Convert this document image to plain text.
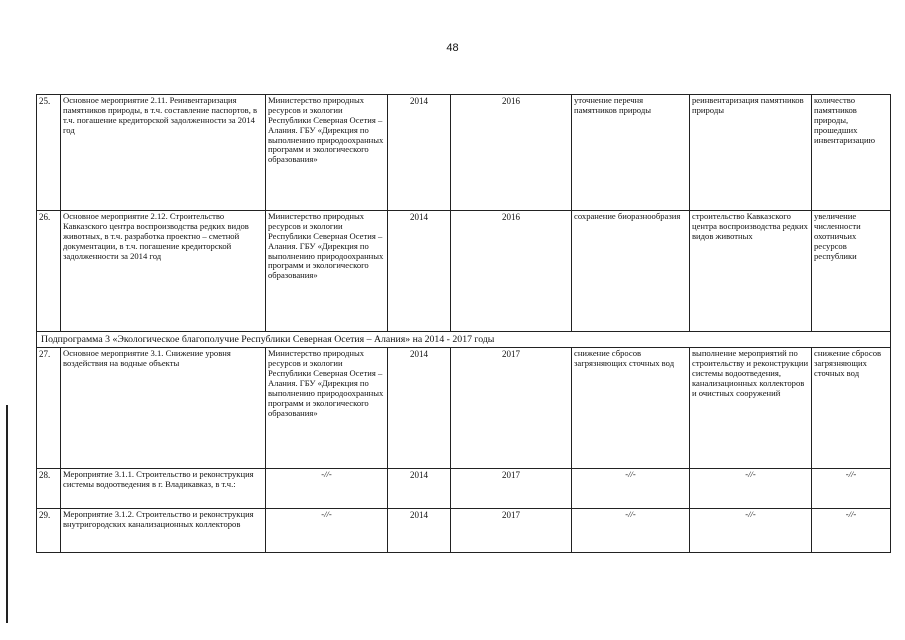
48
25.	Основное мероприятие 2.11. Реинвентаризация памятников природы, в т.ч. составление паспортов, в т.ч. погашение кредиторской задолженности за 2014 год	Министерство природных ресурсов и экологии Республики Северная Осетия – Алания. ГБУ «Дирекция по выполнению природоохранных программ и экологического образования»	2014	2016	уточнение перечня памятников природы	реинвентаризация памятников природы	количество памятников природы, прошедших инвентаризацию
26.	Основное мероприятие 2.12. Строительство Кавказского центра воспроизводства редких видов животных, в т.ч. разработка проектно – сметной документации, в т.ч. погашение кредиторской задолженности за 2014 год	Министерство природных ресурсов и экологии Республики Северная Осетия – Алания. ГБУ «Дирекция по выполнению природоохранных программ и экологического образования»	2014	2016	сохранение биоразнообразия	строительство Кавказского центра воспроизводства редких видов животных	увеличение численности охотничьих ресурсов республики
Подпрограмма 3 «Экологическое благополучие Республики Северная Осетия – Алания» на 2014 - 2017 годы							
27.	Основное мероприятие 3.1. Снижение уровня воздействия на водные объекты	Министерство природных ресурсов и экологии Республики Северная Осетия – Алания. ГБУ «Дирекция по выполнению природоохранных программ и экологического образования»	2014	2017	снижение сбросов загрязняющих сточных вод	выполнение мероприятий по строительству и реконструкции системы водоотведения, канализационных коллекторов и очистных сооружений	снижение сбросов загрязняющих сточных вод
28.	Мероприятие 3.1.1. Строительство и реконструкция системы водоотведения в г. Владикавказ, в т.ч.:	-//-	2014	2017	-//-	-//-	-//-
29.	Мероприятие 3.1.2. Строительство и реконструкция внутригородских канализационных коллекторов	-//-	2014	2017	-//-	-//-	-//-
